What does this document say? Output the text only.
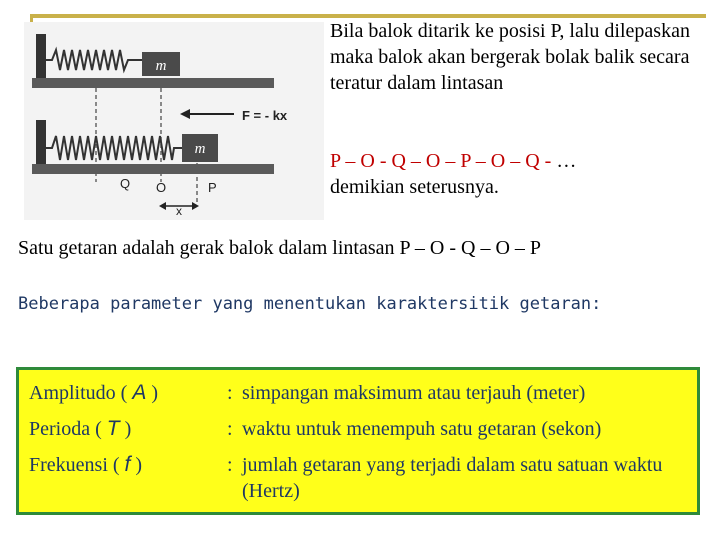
m
F = - kx
m
Q O	P
x
Bila balok ditarik ke posisi P, lalu dilepaskan maka balok akan bergerak bolak balik secara teratur dalam lintasan
P – O - Q – O – P – O – Q - …
demikian seterusnya.
Satu getaran adalah gerak balok dalam lintasan P – O - Q – O – P
Beberapa parameter yang menentukan karaktersitik getaran:
Amplitudo ( A )	: simpangan maksimum atau terjauh (meter)
Perioda ( T )	: waktu untuk menempuh satu getaran (sekon)
Frekuensi ( f )	: jumlah getaran yang terjadi dalam satu satuan waktu (Hertz)
